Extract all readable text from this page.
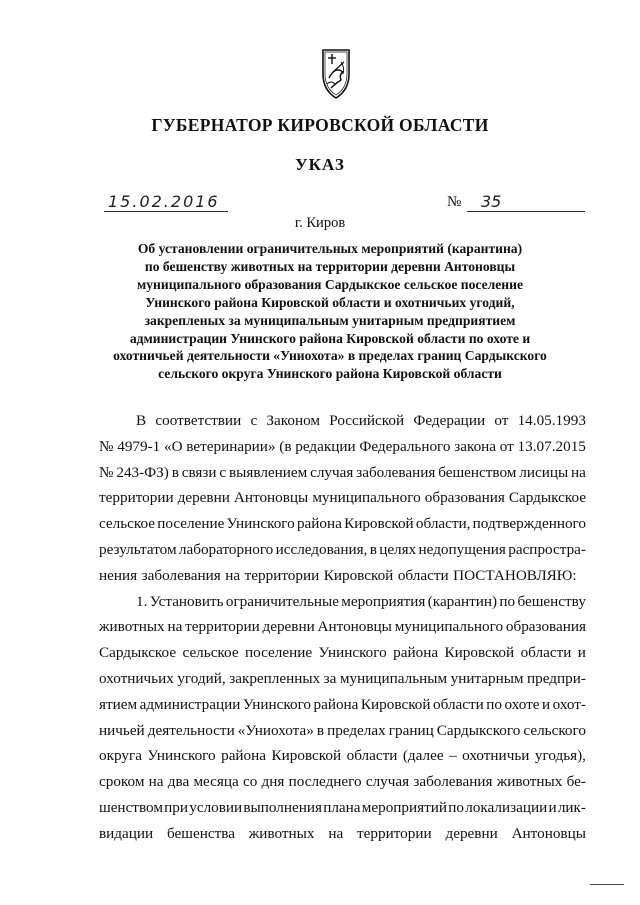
ГУБЕРНАТОР КИРОВСКОЙ ОБЛАСТИ
УКАЗ
15.02.2016	№	35
г. Киров
Об установлении ограничительных мероприятий (карантина)
по бешенству животных на территории деревни Антоновцы
муниципального образования Сардыкское сельское поселение
Унинского района Кировской области и охотничьих угодий,
закрепленых за муниципальным унитарным предприятием
администрации Унинского района Кировской области по охоте и
охотничьей деятельности «Униохота» в пределах границ Сардыкского
сельского округа Унинского района Кировской области
В соответствии с Законом Российской Федерации от 14.05.1993
№ 4979-1 «О ветеринарии» (в редакции Федерального закона от 13.07.2015
№ 243-ФЗ) в связи с выявлением случая заболевания бешенством лисицы на
территории деревни Антоновцы муниципального образования Сардыкское
сельское поселение Унинского района Кировской области, подтвержденного
результатом лабораторного исследования, в целях недопущения распростра-
нения заболевания на территории Кировской области ПОСТАНОВЛЯЮ:
1. Установить ограничительные мероприятия (карантин) по бешенству
животных на территории деревни Антоновцы муниципального образования
Сардыкское сельское поселение Унинского района Кировской области и
охотничьих угодий, закрепленных за муниципальным унитарным предпри-
ятием администрации Унинского района Кировской области по охоте и охот-
ничьей деятельности «Униохота» в пределах границ Сардыкского сельского
округа Унинского района Кировской области (далее – охотничьи угодья),
сроком на два месяца со дня последнего случая заболевания животных бе-
шенством при условии выполнения плана мероприятий по локализации и лик-
видации бешенства животных на территории деревни Антоновцы
